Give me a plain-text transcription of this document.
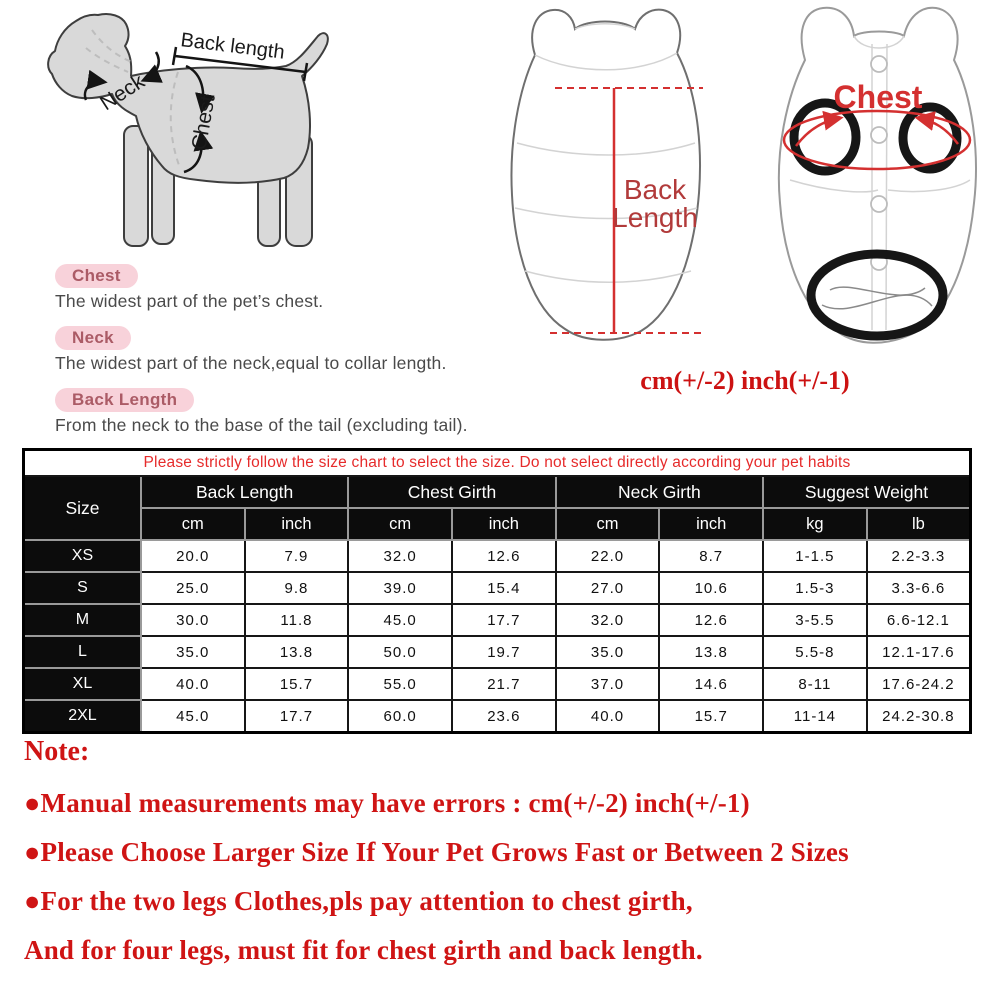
Back length
Neck
Chest
Back
Length
Chest
cm(+/-2) inch(+/-1)
Chest
The widest part of the pet’s chest.
Neck
The widest part of the neck,equal to collar length.
Back Length
From the neck to the base of the tail (excluding tail).
Please strictly follow the size chart to select the size. Do not select directly according your pet habits								
Size	Back Length		Chest Girth		Neck Girth		Suggest Weight	
	cm	inch	cm	inch	cm	inch	kg	lb
XS	20.0	7.9	32.0	12.6	22.0	8.7	1-1.5	2.2-3.3
S	25.0	9.8	39.0	15.4	27.0	10.6	1.5-3	3.3-6.6
M	30.0	11.8	45.0	17.7	32.0	12.6	3-5.5	6.6-12.1
L	35.0	13.8	50.0	19.7	35.0	13.8	5.5-8	12.1-17.6
XL	40.0	15.7	55.0	21.7	37.0	14.6	8-11	17.6-24.2
2XL	45.0	17.7	60.0	23.6	40.0	15.7	11-14	24.2-30.8
Note:
●Manual measurements may have errors : cm(+/-2) inch(+/-1)
●Please Choose Larger Size If Your Pet Grows Fast or Between 2 Sizes
●For the two legs Clothes,pls pay attention to chest girth,
And for four legs, must fit for chest girth and back length.
